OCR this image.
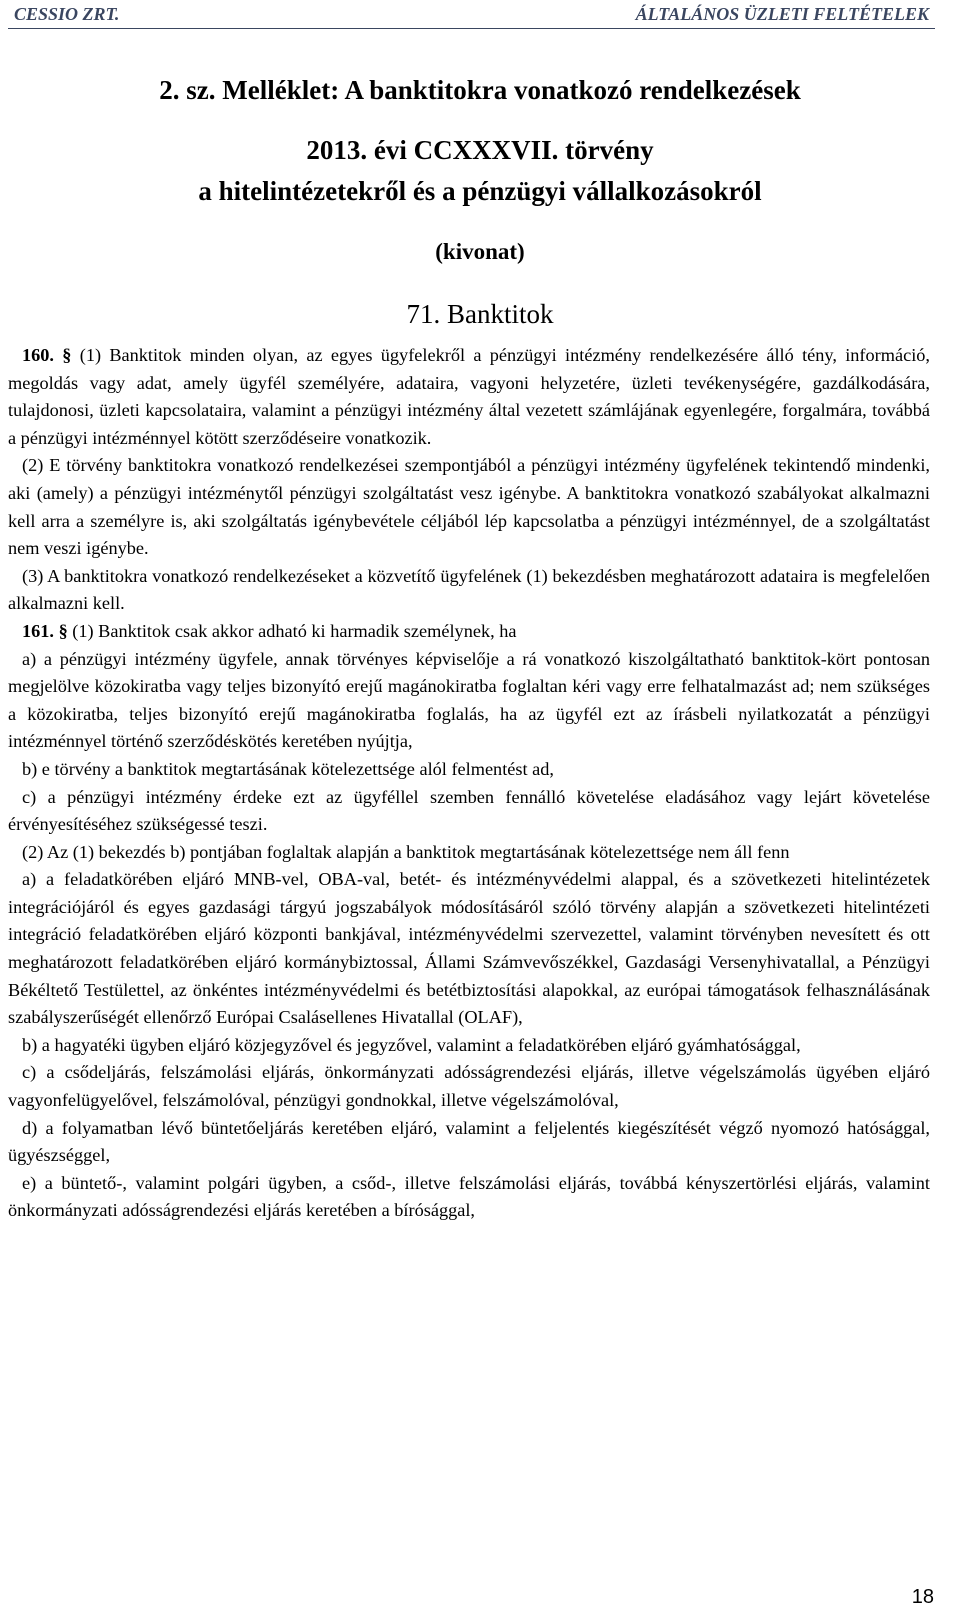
CESSIO ZRT.	ÁLTALÁNOS ÜZLETI FELTÉTELEK
2. sz. Melléklet: A banktitokra vonatkozó rendelkezések
2013. évi CCXXXVII. törvény
a hitelintézetekről és a pénzügyi vállalkozásokról
(kivonat)
71. Banktitok

160. § (1) Banktitok minden olyan, az egyes ügyfelekről a pénzügyi intézmény rendelkezésére álló tény, információ, megoldás vagy adat, amely ügyfél személyére, adataira, vagyoni helyzetére, üzleti tevékenységére, gazdálkodására, tulajdonosi, üzleti kapcsolataira, valamint a pénzügyi intézmény által vezetett számlájának egyenlegére, forgalmára, továbbá a pénzügyi intézménnyel kötött szerződéseire vonatkozik.

(2) E törvény banktitokra vonatkozó rendelkezései szempontjából a pénzügyi intézmény ügyfelének tekintendő mindenki, aki (amely) a pénzügyi intézménytől pénzügyi szolgáltatást vesz igénybe. A banktitokra vonatkozó szabályokat alkalmazni kell arra a személyre is, aki szolgáltatás igénybevétele céljából lép kapcsolatba a pénzügyi intézménnyel, de a szolgáltatást nem veszi igénybe.

(3) A banktitokra vonatkozó rendelkezéseket a közvetítő ügyfelének (1) bekezdésben meghatározott adataira is megfelelően alkalmazni kell.

161. § (1) Banktitok csak akkor adható ki harmadik személynek, ha

a) a pénzügyi intézmény ügyfele, annak törvényes képviselője a rá vonatkozó kiszolgáltatható banktitok-kört pontosan megjelölve közokiratba vagy teljes bizonyító erejű magánokiratba foglaltan kéri vagy erre felhatalmazást ad; nem szükséges a közokiratba, teljes bizonyító erejű magánokiratba foglalás, ha az ügyfél ezt az írásbeli nyilatkozatát a pénzügyi intézménnyel történő szerződéskötés keretében nyújtja,

b) e törvény a banktitok megtartásának kötelezettsége alól felmentést ad,

c) a pénzügyi intézmény érdeke ezt az ügyféllel szemben fennálló követelése eladásához vagy lejárt követelése érvényesítéséhez szükségessé teszi.

(2) Az (1) bekezdés b) pontjában foglaltak alapján a banktitok megtartásának kötelezettsége nem áll fenn

a) a feladatkörében eljáró MNB-vel, OBA-val, betét- és intézményvédelmi alappal, és a szövetkezeti hitelintézetek integrációjáról és egyes gazdasági tárgyú jogszabályok módosításáról szóló törvény alapján a szövetkezeti hitelintézeti integráció feladatkörében eljáró központi bankjával, intézményvédelmi szervezettel, valamint törvényben nevesített és ott meghatározott feladatkörében eljáró kormánybiztossal, Állami Számvevőszékkel, Gazdasági Versenyhivatallal, a Pénzügyi Békéltető Testülettel, az önkéntes intézményvédelmi és betétbiztosítási alapokkal, az európai támogatások felhasználásának szabályszerűségét ellenőrző Európai Csalásellenes Hivatallal (OLAF),

b) a hagyatéki ügyben eljáró közjegyzővel és jegyzővel, valamint a feladatkörében eljáró gyámhatósággal,

c) a csődeljárás, felszámolási eljárás, önkormányzati adósságrendezési eljárás, illetve végelszámolás ügyében eljáró vagyonfelügyelővel, felszámolóval, pénzügyi gondnokkal, illetve végelszámolóval,

d) a folyamatban lévő büntetőeljárás keretében eljáró, valamint a feljelentés kiegészítését végző nyomozó hatósággal, ügyészséggel,

e) a büntető-, valamint polgári ügyben, a csőd-, illetve felszámolási eljárás, továbbá kényszertörlési eljárás, valamint önkormányzati adósságrendezési eljárás keretében a bírósággal,

18
